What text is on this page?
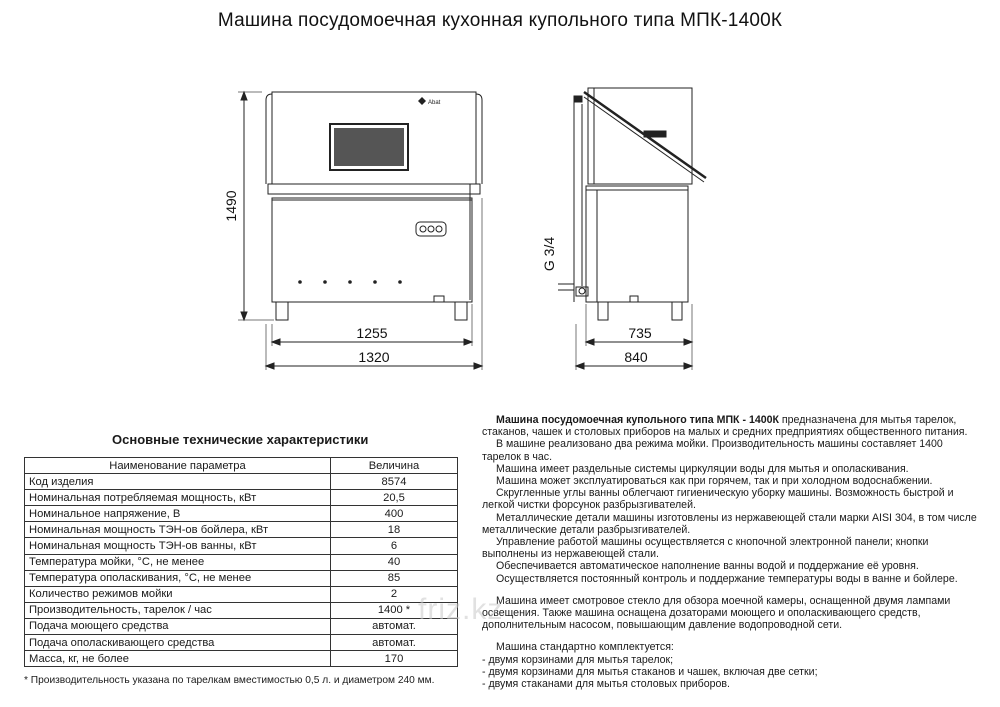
Машина посудомоечная кухонная купольного типа МПК-1400К
Abat
1490
1255
1320
735
840
G 3/4
Основные технические характеристики
Наименование параметра	Величина
Код изделия	8574
Номинальная потребляемая мощность, кВт	20,5
Номинальное напряжение, В	400
Номинальная мощность ТЭН-ов бойлера, кВт	18
Номинальная мощность ТЭН-ов ванны, кВт	6
Температура мойки, °С, не менее	40
Температура ополаскивания, °С, не менее	85
Количество режимов мойки	2
Производительность, тарелок / час	1400 *
Подача моющего средства	автомат.
Подача ополаскивающего средства	автомат.
Масса, кг, не более	170
* Производительность указана по тарелкам вместимостью 0,5 л. и диаметром 240 мм.

Машина посудомоечная купольного типа МПК - 1400К предназначена для мытья тарелок, стаканов, чашек и столовых приборов на малых и средних предприятиях общественного питания.

В машине реализовано два режима мойки. Производительность машины составляет 1400 тарелок в час.

Машина имеет раздельные системы циркуляции воды для мытья и ополаскивания.

Машина может эксплуатироваться как при горячем, так и при холодном водоснабжении.

Скругленные углы ванны облегчают гигиеническую уборку машины. Возможность быстрой и легкой чистки форсунок разбрызгивателей.

Металлические детали машины изготовлены из нержавеющей стали марки AISI 304, в том числе металлические детали разбрызгивателей.

Управление работой машины осуществляется с кнопочной электронной панели; кнопки выполнены из нержавеющей стали.

Обеспечивается автоматическое наполнение ванны водой и поддержание её уровня.

Осуществляется постоянный контроль и поддержание температуры воды в ванне и бойлере.

Машина имеет смотровое стекло для обзора моечной камеры, оснащенной двумя лампами освещения. Также машина оснащена дозаторами моющего и ополаскивающего средств, дополнительным насосом, повышающим давление водопроводной сети.

Машина стандартно комплектуется:

- двумя корзинами для мытья тарелок;

- двумя корзинами для мытья стаканов и чашек, включая две сетки;

- двумя стаканами для мытья столовых приборов.

friz.kz
